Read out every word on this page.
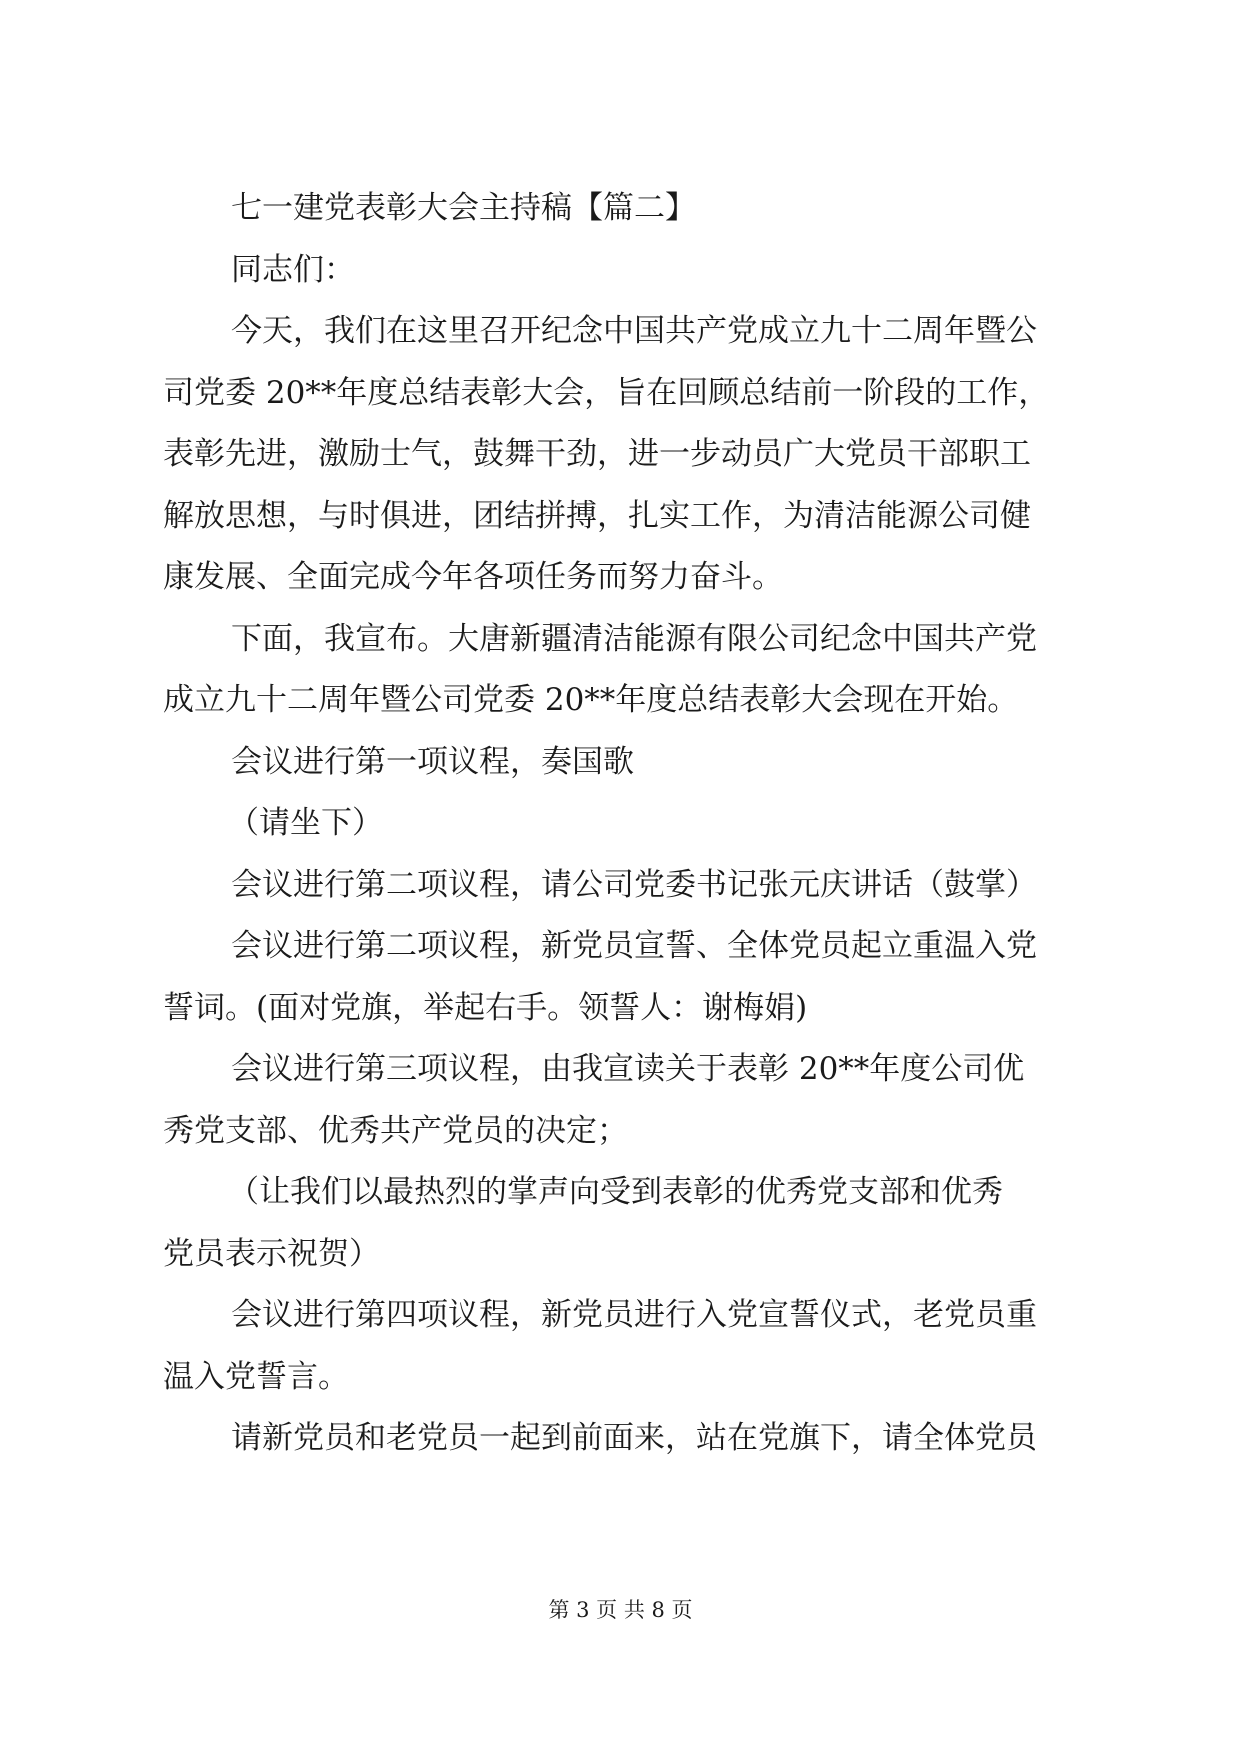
七一建党表彰大会主持稿【篇二】

同志们：

今天，我们在这里召开纪念中国共产党成立九十二周年暨公
司党委 20**年度总结表彰大会，旨在回顾总结前一阶段的工作，
表彰先进，激励士气，鼓舞干劲，进一步动员广大党员干部职工
解放思想，与时俱进，团结拼搏，扎实工作，为清洁能源公司健
康发展、全面完成今年各项任务而努力奋斗。

下面，我宣布。大唐新疆清洁能源有限公司纪念中国共产党
成立九十二周年暨公司党委 20**年度总结表彰大会现在开始。

会议进行第一项议程，奏国歌

（请坐下）

会议进行第二项议程，请公司党委书记张元庆讲话（鼓掌）

会议进行第二项议程，新党员宣誓、全体党员起立重温入党
誓词。(面对党旗，举起右手。领誓人：谢梅娟)

会议进行第三项议程，由我宣读关于表彰 20**年度公司优
秀党支部、优秀共产党员的决定；

（让我们以最热烈的掌声向受到表彰的优秀党支部和优秀
党员表示祝贺）

会议进行第四项议程，新党员进行入党宣誓仪式，老党员重
温入党誓言。

请新党员和老党员一起到前面来，站在党旗下，请全体党员

第 3 页 共 8 页
